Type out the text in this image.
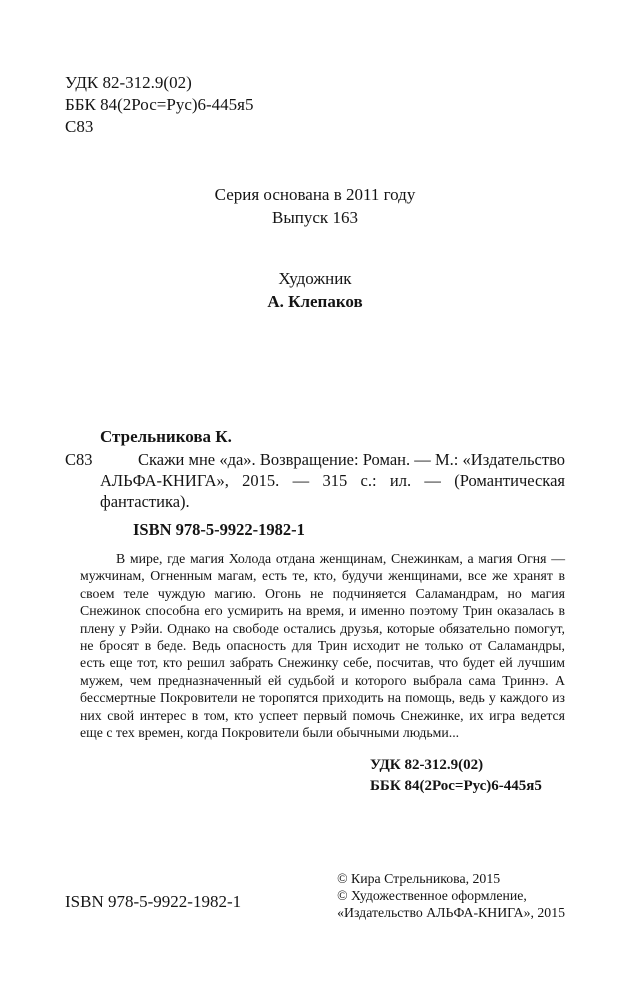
УДК 82-312.9(02)
ББК 84(2Рос=Рус)6-445я5
С83
Серия основана в 2011 году
Выпуск 163
Художник
А. Клепаков
Стрельникова К.
С83	Скажи мне «да». Возвращение: Роман. — М.: «Издательство АЛЬФА-КНИГА», 2015. — 315 с.: ил. — (Романтическая фантастика).

ISBN 978-5-9922-1982-1

В мире, где магия Холода отдана женщинам, Снежинкам, а магия Огня — мужчинам, Огненным магам, есть те, кто, будучи женщинами, все же хранят в своем теле чуждую магию. Огонь не подчиняется Саламандрам, но магия Снежинок способна его усмирить на время, и именно поэтому Трин оказалась в плену у Рэйи. Однако на свободе остались друзья, которые обязательно помогут, не бросят в беде. Ведь опасность для Трин исходит не только от Саламандры, есть еще тот, кто решил забрать Снежинку себе, посчитав, что будет ей лучшим мужем, чем предназначенный ей судьбой и которого выбрала сама Триннэ. А бессмертные Покровители не торопятся приходить на помощь, ведь у каждого из них свой интерес в том, кто успеет первый помочь Снежинке, их игра ведется еще с тех времен, когда Покровители были обычными людьми...

УДК 82-312.9(02)
ББК 84(2Рос=Рус)6-445я5
ISBN 978-5-9922-1982-1
© Кира Стрельникова, 2015
© Художественное оформление,
«Издательство АЛЬФА-КНИГА», 2015
